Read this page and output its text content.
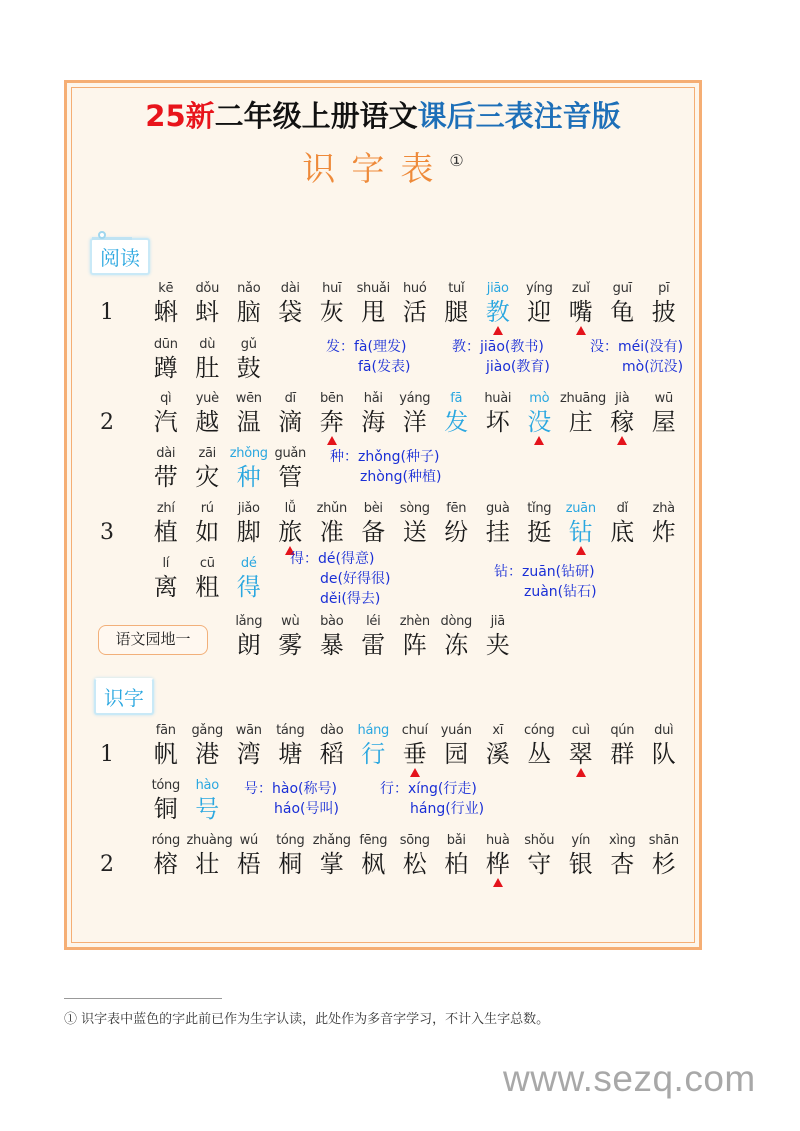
25新二年级上册语文课后三表注音版
识字表①
阅读
1
kē
蝌
dǒu
蚪
nǎo
脑
dài
袋
huī
灰
shuǎi
甩
huó
活
tuǐ
腿
jiāo
教
yíng
迎
zuǐ
嘴
guī
龟
pī
披
dūn
蹲
dù
肚
gǔ
鼓
发：fà(理发)
fā(发表)
教：jiāo(教书)
jiào(教育)
没：méi(没有)
mò(沉没)
2
qì
汽
yuè
越
wēn
温
dī
滴
bēn
奔
hǎi
海
yáng
洋
fā
发
huài
坏
mò
没
zhuāng
庄
jià
稼
wū
屋
dài
带
zāi
灾
zhǒng
种
guǎn
管
种：zhǒng(种子)
zhòng(种植)
3
zhí
植
rú
如
jiǎo
脚
lǚ
旅
zhǔn
准
bèi
备
sòng
送
fēn
纷
guà
挂
tǐng
挺
zuān
钻
dǐ
底
zhà
炸
lí
离
cū
粗
dé
得
得：dé(得意)
de(好得很)
děi(得去)
钻：zuān(钻研)
zuàn(钻石)
语文园地一
lǎng
朗
wù
雾
bào
暴
léi
雷
zhèn
阵
dòng
冻
jiā
夹
识字
1
fān
帆
gǎng
港
wān
湾
táng
塘
dào
稻
háng
行
chuí
垂
yuán
园
xī
溪
cóng
丛
cuì
翠
qún
群
duì
队
tóng
铜
hào
号
号：hào(称号)
háo(号叫)
行：xíng(行走)
háng(行业)
2
róng
榕
zhuàng
壮
wú
梧
tóng
桐
zhǎng
掌
fēng
枫
sōng
松
bǎi
柏
huà
桦
shǒu
守
yín
银
xìng
杏
shān
杉
① 识字表中蓝色的字此前已作为生字认读，此处作为多音字学习，不计入生字总数。
www.sezq.com
